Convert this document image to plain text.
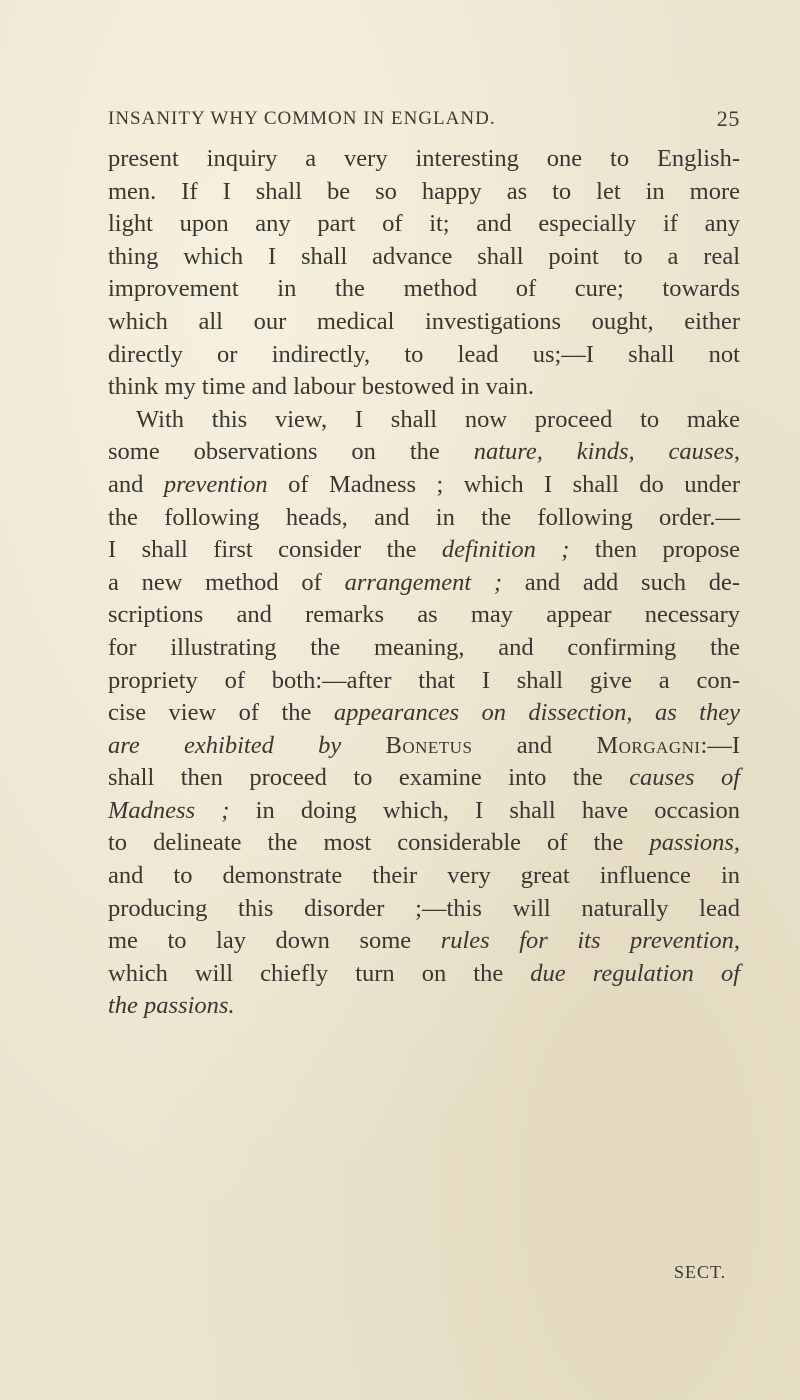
INSANITY WHY COMMON IN ENGLAND.	25
present inquiry a very interesting one to English-
men. If I shall be so happy as to let in more
light upon any part of it; and especially if any
thing which I shall advance shall point to a real
improvement in the method of cure; towards
which all our medical investigations ought, either
directly or indirectly, to lead us;—I shall not
think my time and labour bestowed in vain.
With this view, I shall now proceed to make
some observations on the nature, kinds, causes,
and prevention of Madness ; which I shall do under
the following heads, and in the following order.—
I shall first consider the definition ; then propose
a new method of arrangement ; and add such de-
scriptions and remarks as may appear necessary
for illustrating the meaning, and confirming the
propriety of both:—after that I shall give a con-
cise view of the appearances on dissection, as they
are exhibited by Bonetus and Morgagni:—I
shall then proceed to examine into the causes of
Madness ; in doing which, I shall have occasion
to delineate the most considerable of the passions,
and to demonstrate their very great influence in
producing this disorder ;—this will naturally lead
me to lay down some rules for its prevention,
which will chiefly turn on the due regulation of
the passions.
SECT.
